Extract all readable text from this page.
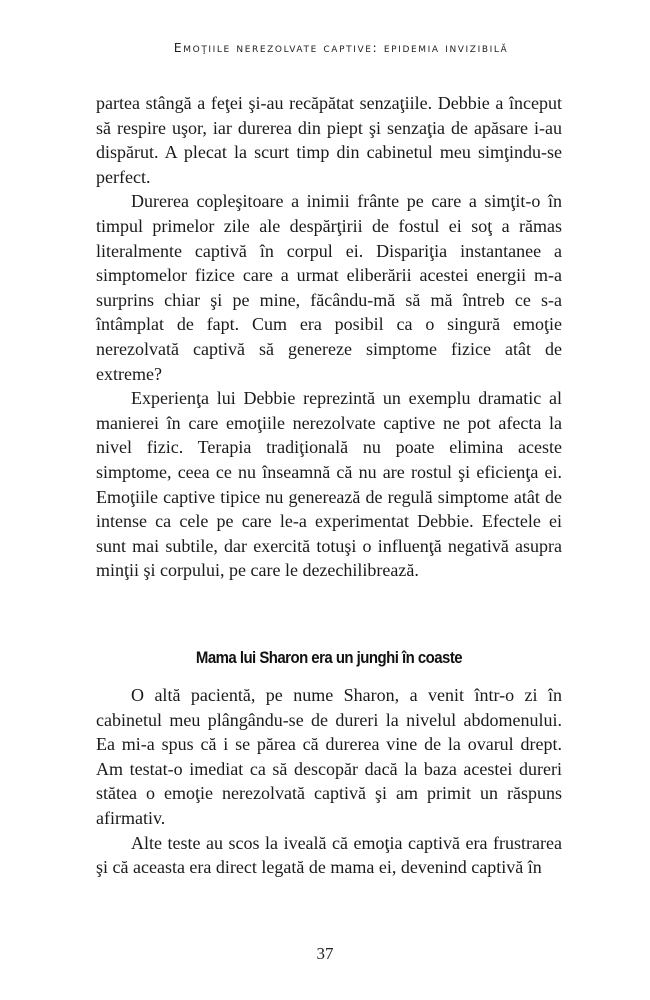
Emoţiile nerezolvate captive: epidemia invizibilă

partea stângă a feţei şi-au recăpătat senzaţiile. Debbie a început să respire uşor, iar durerea din piept şi senzaţia de apăsare i-au dispărut. A plecat la scurt timp din cabinetul meu simţindu-se perfect.

Durerea copleşitoare a inimii frânte pe care a simţit-o în timpul primelor zile ale despărţirii de fostul ei soţ a rămas literalmente captivă în corpul ei. Dispariţia instantanee a simptomelor fizice care a urmat eliberării acestei energii m-a surprins chiar şi pe mine, făcându-mă să mă întreb ce s-a întâmplat de fapt. Cum era posibil ca o singură emoţie nerezolvată captivă să genereze simptome fizice atât de extreme?

Experienţa lui Debbie reprezintă un exemplu dramatic al manierei în care emoţiile nerezolvate captive ne pot afecta la nivel fizic. Terapia tradiţională nu poate elimina aceste simptome, ceea ce nu înseamnă că nu are rostul şi eficienţa ei. Emoţiile captive tipice nu generează de regulă simptome atât de intense ca cele pe care le-a experimentat Debbie. Efectele ei sunt mai subtile, dar exercită totuşi o influenţă negativă asupra minţii şi corpului, pe care le dezechilibrează.

Mama lui Sharon era un junghi în coaste

O altă pacientă, pe nume Sharon, a venit într-o zi în cabinetul meu plângându-se de dureri la nivelul abdomenului. Ea mi-a spus că i se părea că durerea vine de la ovarul drept. Am testat-o imediat ca să descopăr dacă la baza acestei dureri stătea o emoţie nerezolvată captivă şi am primit un răspuns afirmativ.

Alte teste au scos la iveală că emoţia captivă era frustrarea şi că aceasta era direct legată de mama ei, devenind captivă în

37
